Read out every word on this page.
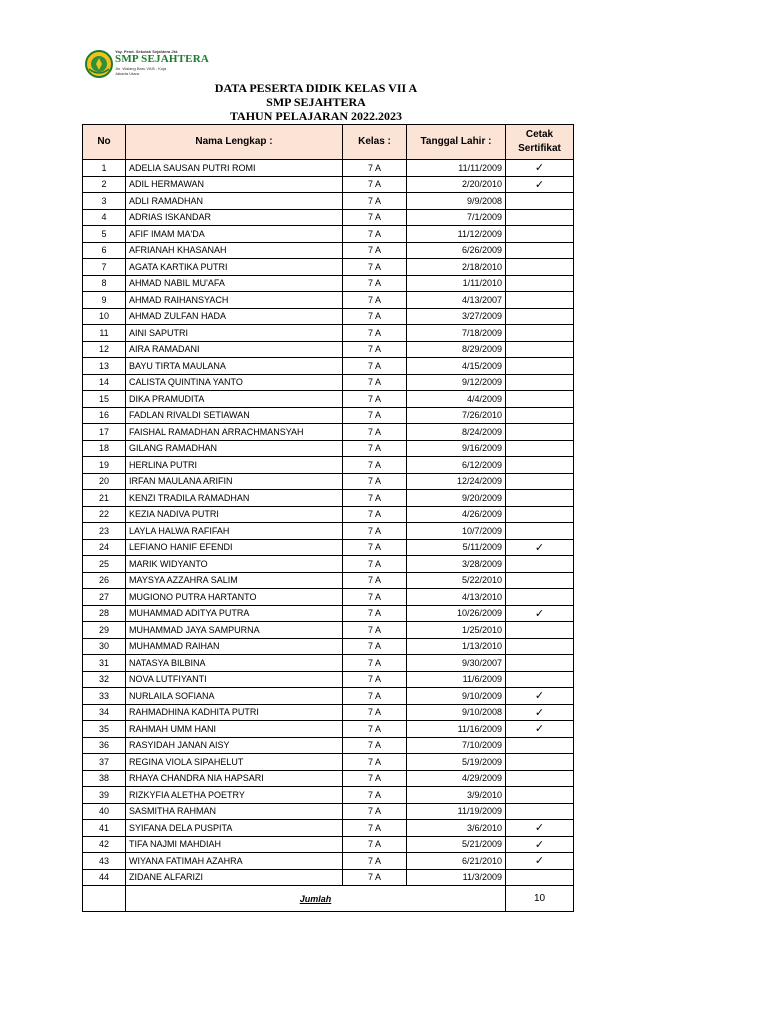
Yay. Pend. Sekolah Sejahtera Jkt.
SMP SEJAHTERA
Jln. Walang Baru VII/8 - Koja
Jakarta Utara
DATA PESERTA DIDIK KELAS VII A
SMP SEJAHTERA
TAHUN PELAJARAN 2022.2023
No	Nama Lengkap :	Kelas :	Tanggal Lahir :	Cetak
Sertifikat

1	ADELIA SAUSAN PUTRI ROMI	7 A	11/11/2009	✓
2	ADIL HERMAWAN	7 A	2/20/2010	✓
3	ADLI RAMADHAN	7 A	9/9/2008	
4	ADRIAS ISKANDAR	7 A	7/1/2009	
5	AFIF IMAM MA'DA	7 A	11/12/2009	
6	AFRIANAH KHASANAH	7 A	6/26/2009	
7	AGATA KARTIKA PUTRI	7 A	2/18/2010	
8	AHMAD NABIL MU'AFA	7 A	1/11/2010	
9	AHMAD RAIHANSYACH	7 A	4/13/2007	
10	AHMAD ZULFAN HADA	7 A	3/27/2009	
11	AINI SAPUTRI	7 A	7/18/2009	
12	AIRA RAMADANI	7 A	8/29/2009	
13	BAYU TIRTA MAULANA	7 A	4/15/2009	
14	CALISTA QUINTINA YANTO	7 A	9/12/2009	
15	DIKA PRAMUDITA	7 A	4/4/2009	
16	FADLAN RIVALDI SETIAWAN	7 A	7/26/2010	
17	FAISHAL RAMADHAN ARRACHMANSYAH	7 A	8/24/2009	
18	GILANG RAMADHAN	7 A	9/16/2009	
19	HERLINA PUTRI	7 A	6/12/2009	
20	IRFAN MAULANA ARIFIN	7 A	12/24/2009	
21	KENZI TRADILA RAMADHAN	7 A	9/20/2009	
22	KEZIA NADIVA PUTRI	7 A	4/26/2009	
23	LAYLA HALWA RAFIFAH	7 A	10/7/2009	
24	LEFIANO HANIF EFENDI	7 A	5/11/2009	✓
25	MARIK WIDYANTO	7 A	3/28/2009	
26	MAYSYA AZZAHRA SALIM	7 A	5/22/2010	
27	MUGIONO PUTRA HARTANTO	7 A	4/13/2010	
28	MUHAMMAD ADITYA PUTRA	7 A	10/26/2009	✓
29	MUHAMMAD JAYA SAMPURNA	7 A	1/25/2010	
30	MUHAMMAD RAIHAN	7 A	1/13/2010	
31	NATASYA BILBINA	7 A	9/30/2007	
32	NOVA LUTFIYANTI	7 A	11/6/2009	
33	NURLAILA SOFIANA	7 A	9/10/2009	✓
34	RAHMADHINA KADHITA PUTRI	7 A	9/10/2008	✓
35	RAHMAH UMM HANI	7 A	11/16/2009	✓
36	RASYIDAH JANAN AISY	7 A	7/10/2009	
37	REGINA VIOLA SIPAHELUT	7 A	5/19/2009	
38	RHAYA CHANDRA NIA HAPSARI	7 A	4/29/2009	
39	RIZKYFIA ALETHA POETRY	7 A	3/9/2010	
40	SASMITHA RAHMAN	7 A	11/19/2009	
41	SYIFANA DELA PUSPITA	7 A	3/6/2010	✓
42	TIFA NAJMI MAHDIAH	7 A	5/21/2009	✓
43	WIYANA FATIMAH AZAHRA	7 A	6/21/2010	✓
44	ZIDANE ALFARIZI	7 A	11/3/2009	
	Jumlah			10
